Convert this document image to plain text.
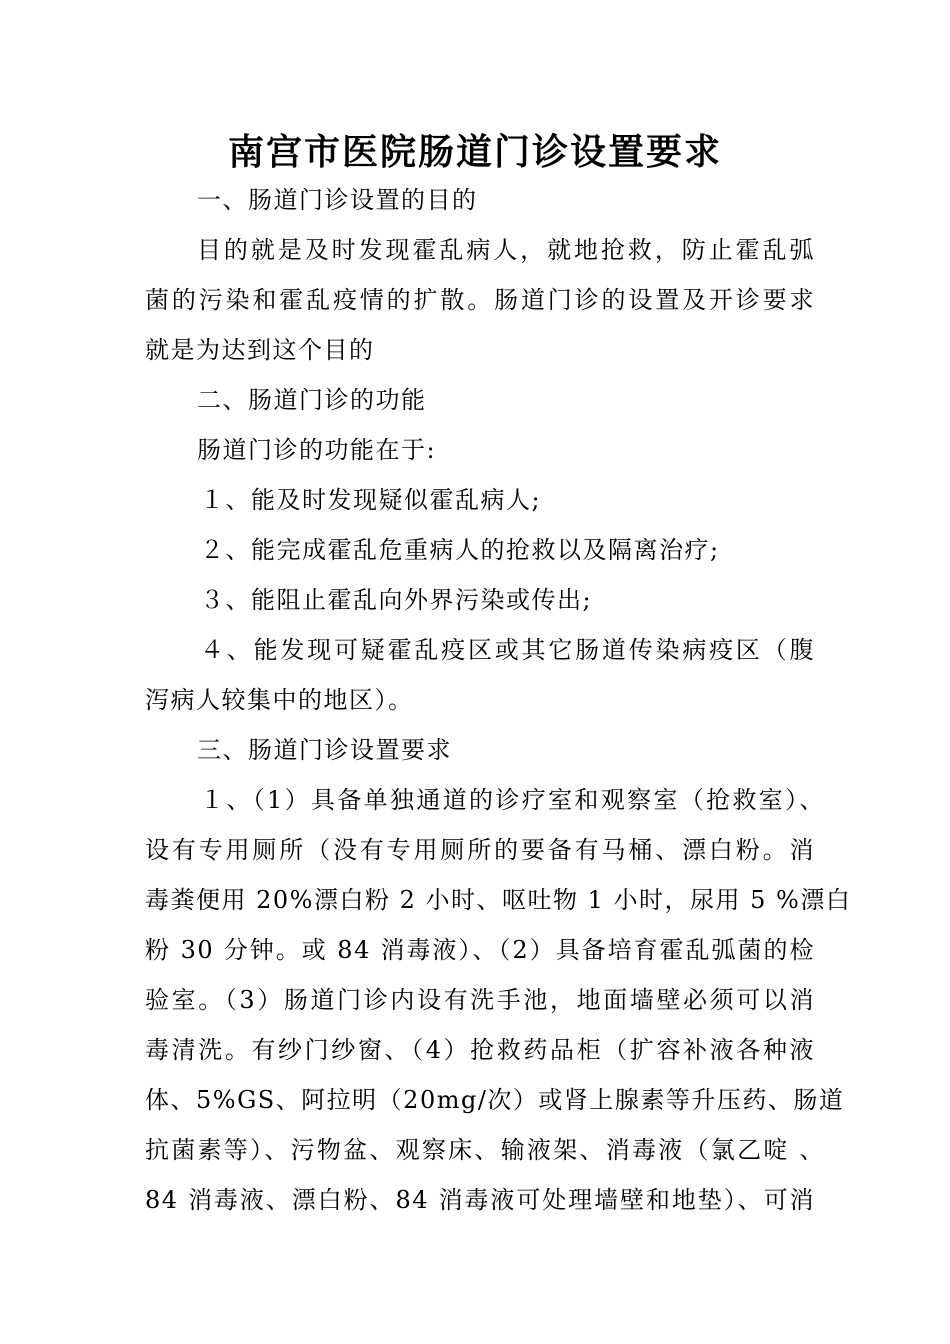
南宫市医院肠道门诊设置要求
一、肠道门诊设置的目的
目的就是及时发现霍乱病人，就地抢救，防止霍乱弧
菌的污染和霍乱疫情的扩散。肠道门诊的设置及开诊要求
就是为达到这个目的
二、肠道门诊的功能
肠道门诊的功能在于:
１、能及时发现疑似霍乱病人;
２、能完成霍乱危重病人的抢救以及隔离治疗;
３、能阻止霍乱向外界污染或传出;
４、能发现可疑霍乱疫区或其它肠道传染病疫区（腹
泻病人较集中的地区）。
三、肠道门诊设置要求
１、（1）具备单独通道的诊疗室和观察室（抢救室）、
设有专用厕所（没有专用厕所的要备有马桶、漂白粉。消
毒粪便用 20%漂白粉 2 小时、呕吐物 1 小时，尿用 5 %漂白
粉 30 分钟。或 84 消毒液）、（2）具备培育霍乱弧菌的检
验室。（3）肠道门诊内设有洗手池，地面墙壁必须可以消
毒清洗。有纱门纱窗、（4）抢救药品柜（扩容补液各种液
体、5%GS、阿拉明（20mg/次）或肾上腺素等升压药、肠道
抗菌素等）、污物盆、观察床、输液架、消毒液（氯乙啶 、
84 消毒液、漂白粉、84 消毒液可处理墙壁和地垫）、可消
